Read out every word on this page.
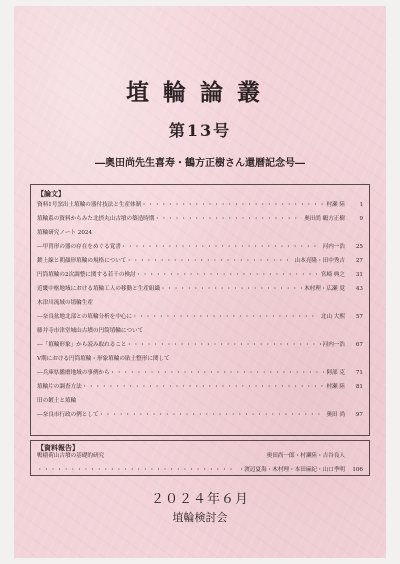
埴輪論叢
第13号
―奥田尚先生喜寿・鶴方正樹さん還暦記念号―
【論文】
資料1号窯出土埴輪の器付技法と生産体制 ・・・・・・・・・・・・・・・・・・・・・・・・・・・・・・・・・・・・・・・・・・・・・・・・	村瀬 陸	1
埴輪系の資料からみた北摂丸山古墳の築造時期 ・・・・・・・・・・・・・・・・・・・・・・・・・・・・・・・・・・・・・・・・・・・・・・・・	奥田尚 鶴方正樹	9
埴輪研究ノート 2024
―甲冑形の器の存在をめぐる覚書 ・・・・・・・・・・・・・・・・・・・・・・・・・・・・・・・・・・・・・・・・・・・・・・・・	河内一浩	25
鍍上線と朝顔形埴輪の規格について ・・・・・・・・・・・・・・・・・・・・・・・・・・・・・・・・・・・・・・・・・・・・・・・・	山本亮隆・田中秀吉	27
円筒埴輪の2次調整に関する若干の検討 ・・・・・・・・・・・・・・・・・・・・・・・・・・・・・・・・・・・・・・・・・・・・・・・・	宮崎 典之	31
近畿中枢地域における埴輪工人の移動と生産組織 ・・・・・・・・・・・・・・・・・・・・・・・・・・・・・・・・・・・・・・・・・・・・・・・・	木村理・広瀬 覚	43
木津川流域の埴輪生産
―奈良盆地北部との埴輪分析を中心に ・・・・・・・・・・・・・・・・・・・・・・・・・・・・・・・・・・・・・・・・・・・・・・・・	北山 大熙	57
藤井寺市津堂城山古墳の円筒埴輪について
―「埴輪形象」から読み取れること ・・・・・・・・・・・・・・・・・・・・・・・・・・・・・・・・・・・・・・・・・・・・・・・・	河内一浩	67
V期における円筒埴輪・形象埴輪の貼土整形に関して
―兵庫県播磨地域の事例から ・・・・・・・・・・・・・・・・・・・・・・・・・・・・・・・・・・・・・・・・・・・・・・・・	阿部 克	71
埴輪片の調査方法 ・・・・・・・・・・・・・・・・・・・・・・・・・・・・・・・・・・・・・・・・・・・・・・・・	村瀬 陸	81
旧の鍍土と埴輪
―奈良市行政の例として ・・・・・・・・・・・・・・・・・・・・・・・・・・・・・・・・・・・・・・・・・・・・・・・・	奥田 尚	97
【資料報告】
鴨稲荷山古墳の基礎的研究	奥田尚一郎・村瀬陸・吉谷良人
・・・・・・・・・・・・・・・・・・・・・・・・・・・・・・・・・・・・・・・・・・・・・・・・
・渡辺夏海・木村理・本田麻紀・山口季明	106
２０２４年６月
埴輪検討会
